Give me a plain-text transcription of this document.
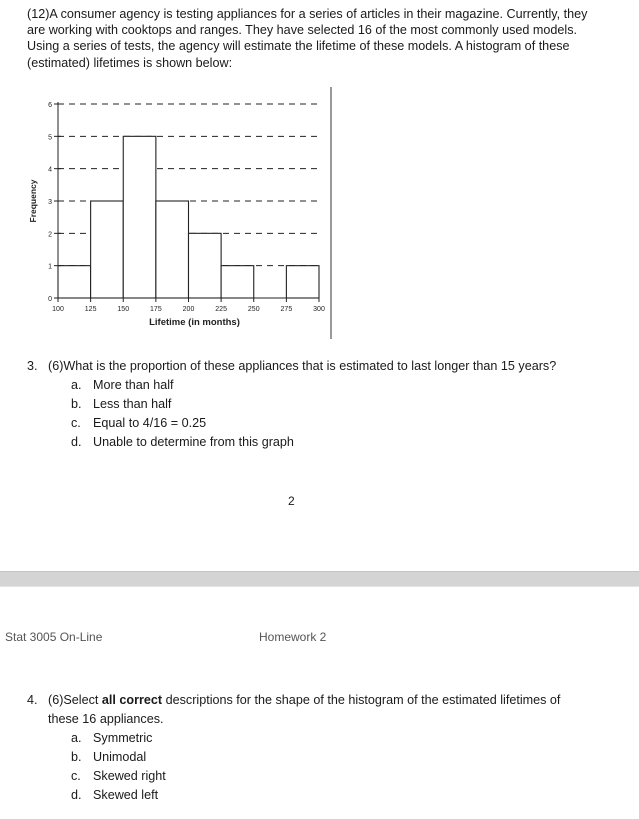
(12)A consumer agency is testing appliances for a series of articles in their magazine. Currently, they
are working with cooktops and ranges. They have selected 16 of the most commonly used models.
Using a series of tests, the agency will estimate the lifetime of these models. A histogram of these
(estimated) lifetimes is shown below:

0
1
2
3
4
5
6
100	125	150	175	200	225	250	275	300
Lifetime (in months)
Frequency
3. (6)What is the proportion of these appliances that is estimated to last longer than 15 years?
a. More than half
b. Less than half
c. Equal to 4/16 = 0.25
d. Unable to determine from this graph
2
Stat 3005 On-Line	Homework 2
4. (6)Select all correct descriptions for the shape of the histogram of the estimated lifetimes of
these 16 appliances.
a. Symmetric
b. Unimodal
c. Skewed right
d. Skewed left
